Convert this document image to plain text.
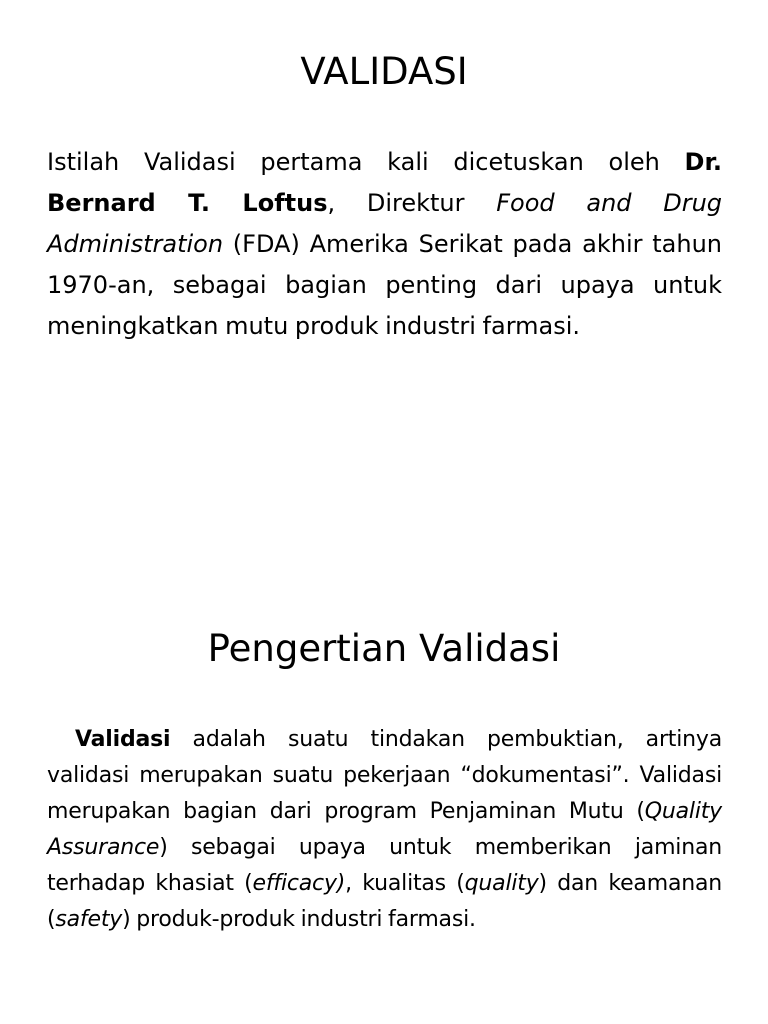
VALIDASI

Istilah Validasi pertama kali dicetuskan oleh Dr. Bernard T. Loftus, Direktur Food and Drug Administration (FDA) Amerika Serikat pada akhir tahun 1970-an, sebagai bagian penting dari upaya untuk meningkatkan mutu produk industri farmasi.

Pengertian Validasi

Validasi adalah suatu tindakan pembuktian, artinya validasi merupakan suatu pekerjaan “dokumentasi”. Validasi merupakan bagian dari program Penjaminan Mutu (Quality Assurance) sebagai upaya untuk memberikan jaminan terhadap khasiat (efficacy), kualitas (quality) dan keamanan (safety) produk-produk industri farmasi.
